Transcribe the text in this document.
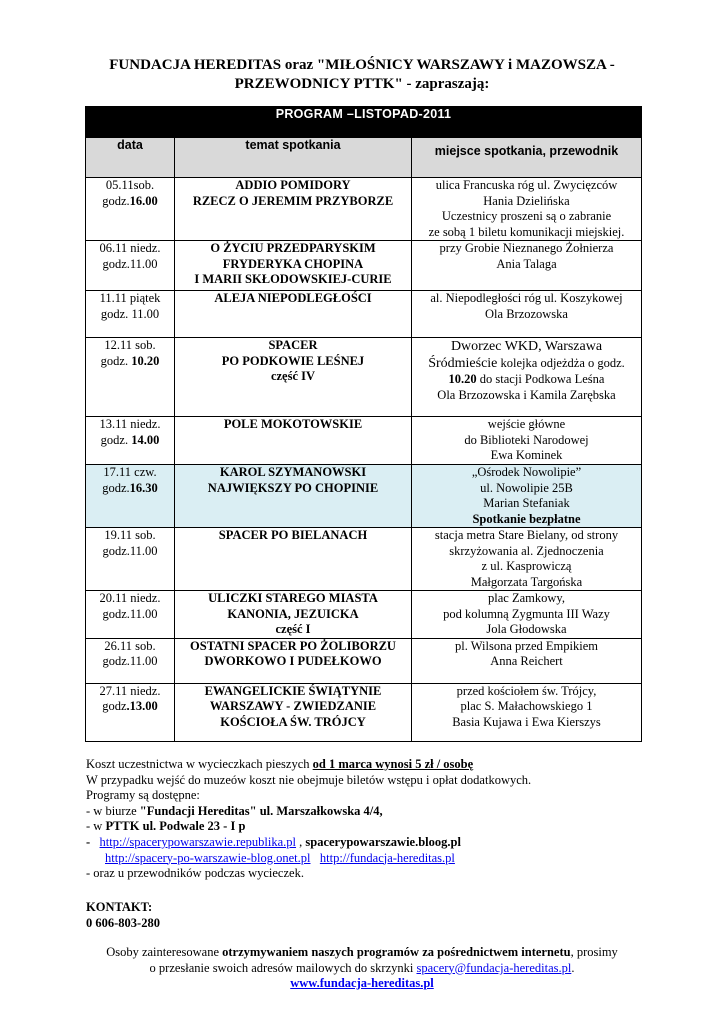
FUNDACJA HEREDITAS oraz "MIŁOŚNICY WARSZAWY i MAZOWSZA -
PRZEWODNICY PTTK" - zapraszają:
PROGRAM –LISTOPAD-2011		
data	temat spotkania	miejsce spotkania, przewodnik

05.11sob.
godz.16.00	ADDIO POMIDORY
RZECZ O JEREMIM PRZYBORZE	ulica Francuska róg ul. Zwycięzców
Hania Dzielińska
Uczestnicy proszeni są o zabranie
ze sobą 1 biletu komunikacji miejskiej.

06.11 niedz.
godz.11.00	O ŻYCIU PRZEDPARYSKIM
FRYDERYKA CHOPINA
I MARII SKŁODOWSKIEJ-CURIE	przy Grobie Nieznanego Żołnierza
Ania Talaga

11.11 piątek
godz. 11.00	ALEJA NIEPODLEGŁOŚCI	al. Niepodległości róg ul. Koszykowej
Ola Brzozowska

12.11 sob.
godz. 10.20	SPACER
PO PODKOWIE LEŚNEJ
część IV	Dworzec WKD, Warszawa
Śródmieście kolejka odjeżdża o godz.
10.20 do stacji Podkowa Leśna
Ola Brzozowska i Kamila Zarębska

13.11 niedz.
godz. 14.00	POLE MOKOTOWSKIE	wejście główne
do Biblioteki Narodowej
Ewa Kominek

17.11 czw.
godz.16.30	KAROL SZYMANOWSKI
NAJWIĘKSZY PO CHOPINIE	„Ośrodek Nowolipie”
ul. Nowolipie 25B
Marian Stefaniak
Spotkanie bezpłatne

19.11 sob.
godz.11.00	SPACER PO BIELANACH	stacja metra Stare Bielany, od strony
skrzyżowania al. Zjednoczenia
z ul. Kasprowiczą
Małgorzata Targońska

20.11 niedz.
godz.11.00	ULICZKI STAREGO MIASTA
KANONIA, JEZUICKA
część I	plac Zamkowy,
pod kolumną Zygmunta III Wazy
Jola Głodowska

26.11 sob.
godz.11.00	OSTATNI SPACER PO ŻOLIBORZU
DWORKOWO I PUDEŁKOWO	pl. Wilsona przed Empikiem
Anna Reichert

27.11 niedz.
godz.13.00	EWANGELICKIE ŚWIĄTYNIE
WARSZAWY - ZWIEDZANIE
KOŚCIOŁA ŚW. TRÓJCY	przed kościołem św. Trójcy,
plac S. Małachowskiego 1
Basia Kujawa i Ewa Kierszys
Koszt uczestnictwa w wycieczkach pieszych od 1 marca wynosi 5 zł / osobę
W przypadku wejść do muzeów koszt nie obejmuje biletów wstępu i opłat dodatkowych.
Programy są dostępne:
- w biurze "Fundacji Hereditas" ul. Marszałkowska 4/4,
- w PTTK ul. Podwale 23 - I p
- http://spacerypowarszawie.republika.pl , spacerypowarszawie.bloog.pl
http://spacery-po-warszawie-blog.onet.pl http://fundacja-hereditas.pl
- oraz u przewodników podczas wycieczek.
KONTAKT:
0 606-803-280
Osoby zainteresowane otrzymywaniem naszych programów za pośrednictwem internetu, prosimy
o przesłanie swoich adresów mailowych do skrzynki spacery@fundacja-hereditas.pl.
www.fundacja-hereditas.pl
